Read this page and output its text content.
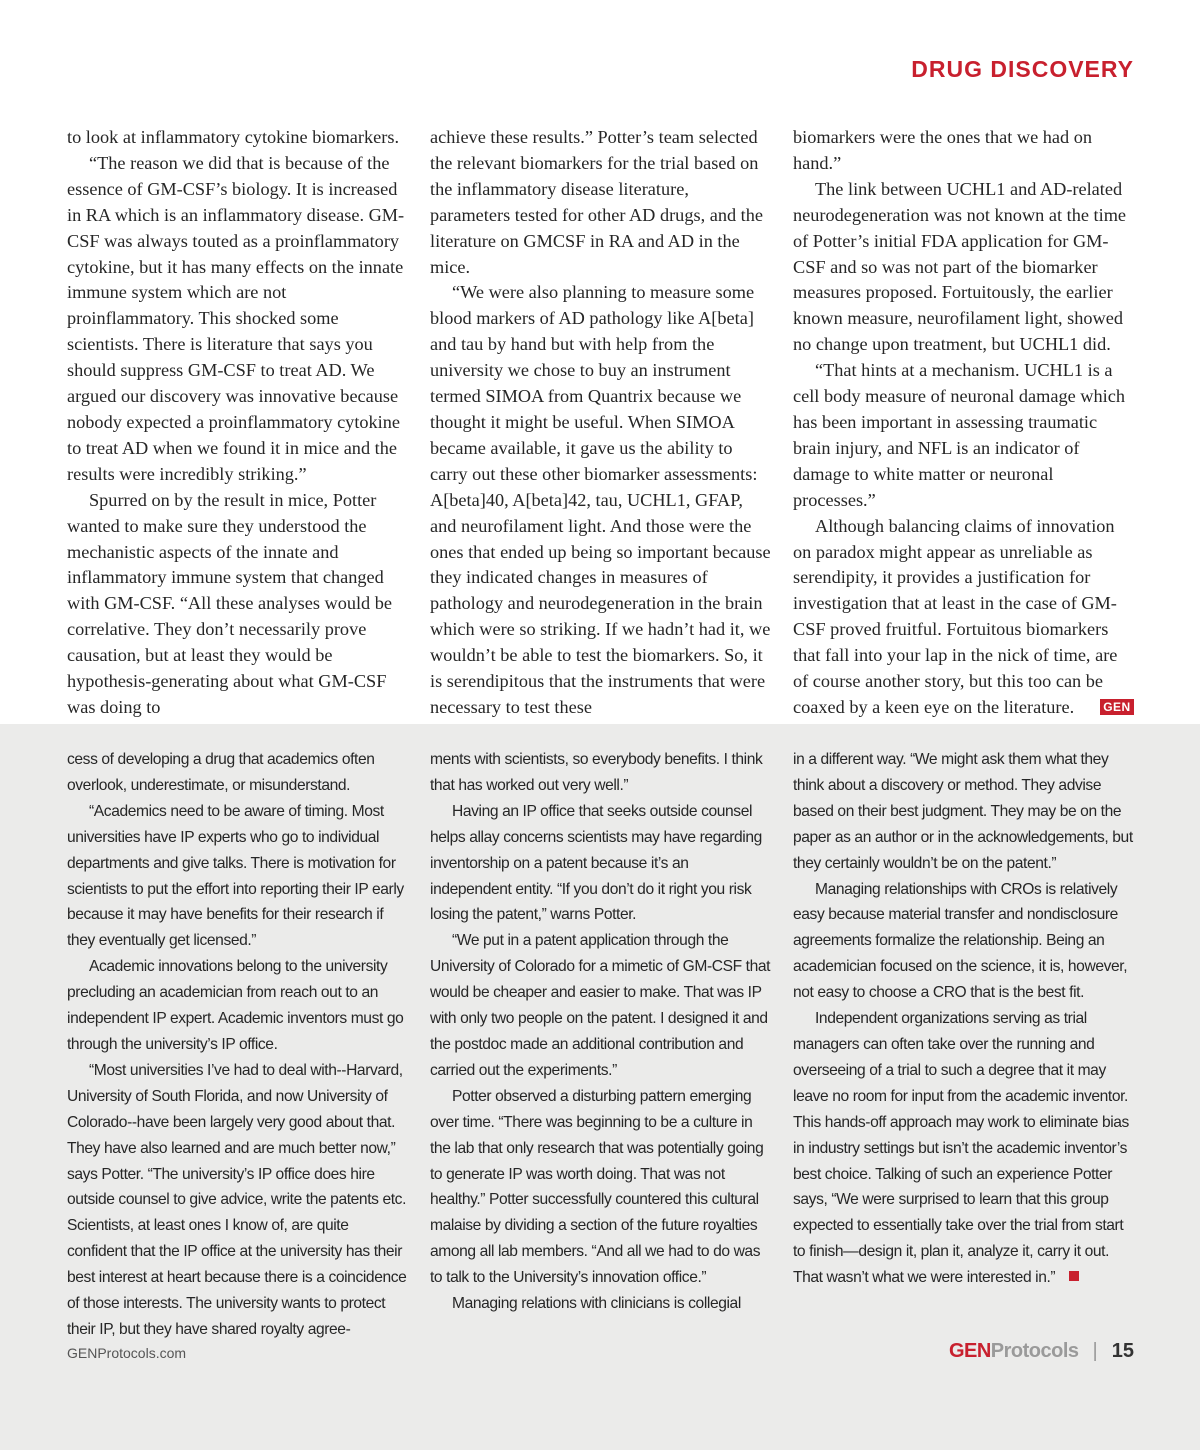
DRUG DISCOVERY

to look at inflammatory cytokine biomarkers.

“The reason we did that is because of the essence of GM-CSF’s biology. It is increased in RA which is an inflammatory disease. GM-CSF was always touted as a proinflammatory cytokine, but it has many effects on the innate immune system which are not proinflammatory. This shocked some scientists. There is literature that says you should suppress GM-CSF to treat AD. We argued our discovery was innovative because nobody expected a proinflammatory cytokine to treat AD when we found it in mice and the results were incredibly striking.”

Spurred on by the result in mice, Potter wanted to make sure they understood the mechanistic aspects of the innate and inflammatory immune system that changed with GM-CSF. “All these analyses would be correlative. They don’t necessarily prove causation, but at least they would be hypothesis-generating about what GM-CSF was doing to

achieve these results.” Potter’s team selected the relevant biomarkers for the trial based on the inflammatory disease literature, parameters tested for other AD drugs, and the literature on GMCSF in RA and AD in the mice.

“We were also planning to measure some blood markers of AD pathology like A[beta] and tau by hand but with help from the university we chose to buy an instrument termed SIMOA from Quantrix because we thought it might be useful. When SIMOA became available, it gave us the ability to carry out these other biomarker assessments: A[beta]40, A[beta]42, tau, UCHL1, GFAP, and neurofilament light. And those were the ones that ended up being so important because they indicated changes in measures of pathology and neurodegeneration in the brain which were so striking. If we hadn’t had it, we wouldn’t be able to test the biomarkers. So, it is serendipitous that the instruments that were necessary to test these

biomarkers were the ones that we had on hand.”

The link between UCHL1 and AD-related neurodegeneration was not known at the time of Potter’s initial FDA application for GM-CSF and so was not part of the biomarker measures proposed. Fortuitously, the earlier known measure, neurofilament light, showed no change upon treatment, but UCHL1 did.

“That hints at a mechanism. UCHL1 is a cell body measure of neuronal damage which has been important in assessing traumatic brain injury, and NFL is an indicator of damage to white matter or neuronal processes.”

Although balancing claims of innovation on paradox might appear as unreliable as serendipity, it provides a justification for investigation that at least in the case of GM-CSF proved fruitful. Fortuitous biomarkers that fall into your lap in the nick of time, are of course another story, but this too can be coaxed by a keen eye on the literature. GEN

cess of developing a drug that academics often overlook, underestimate, or misunderstand.

“Academics need to be aware of timing. Most universities have IP experts who go to individual departments and give talks. There is motivation for scientists to put the effort into reporting their IP early because it may have benefits for their research if they eventually get licensed.”

Academic innovations belong to the university precluding an academician from reach out to an independent IP expert. Academic inventors must go through the university’s IP office.

“Most universities I’ve had to deal with--Harvard, University of South Florida, and now University of Colorado--have been largely very good about that. They have also learned and are much better now,” says Potter. “The university’s IP office does hire outside counsel to give advice, write the patents etc. Scientists, at least ones I know of, are quite confident that the IP office at the university has their best interest at heart because there is a coincidence of those interests. The university wants to protect their IP, but they have shared royalty agree-

ments with scientists, so everybody benefits. I think that has worked out very well.”

Having an IP office that seeks outside counsel helps allay concerns scientists may have regarding inventorship on a patent because it’s an independent entity. “If you don’t do it right you risk losing the patent,” warns Potter.

“We put in a patent application through the University of Colorado for a mimetic of GM-CSF that would be cheaper and easier to make. That was IP with only two people on the patent. I designed it and the postdoc made an additional contribution and carried out the experiments.”

Potter observed a disturbing pattern emerging over time. “There was beginning to be a culture in the lab that only research that was potentially going to generate IP was worth doing. That was not healthy.” Potter successfully countered this cultural malaise by dividing a section of the future royalties among all lab members. “And all we had to do was to talk to the University’s innovation office.”

Managing relations with clinicians is collegial

in a different way. “We might ask them what they think about a discovery or method. They advise based on their best judgment. They may be on the paper as an author or in the acknowledgements, but they certainly wouldn’t be on the patent.”

Managing relationships with CROs is relatively easy because material transfer and nondisclosure agreements formalize the relationship. Being an academician focused on the science, it is, however, not easy to choose a CRO that is the best fit.

Independent organizations serving as trial managers can often take over the running and overseeing of a trial to such a degree that it may leave no room for input from the academic inventor. This hands-off approach may work to eliminate bias in industry settings but isn’t the academic inventor’s best choice. Talking of such an experience Potter says, “We were surprised to learn that this group expected to essentially take over the trial from start to finish—design it, plan it, analyze it, carry it out. That wasn’t what we were interested in.”

GENProtocols.com	GEN Protocols | 15
